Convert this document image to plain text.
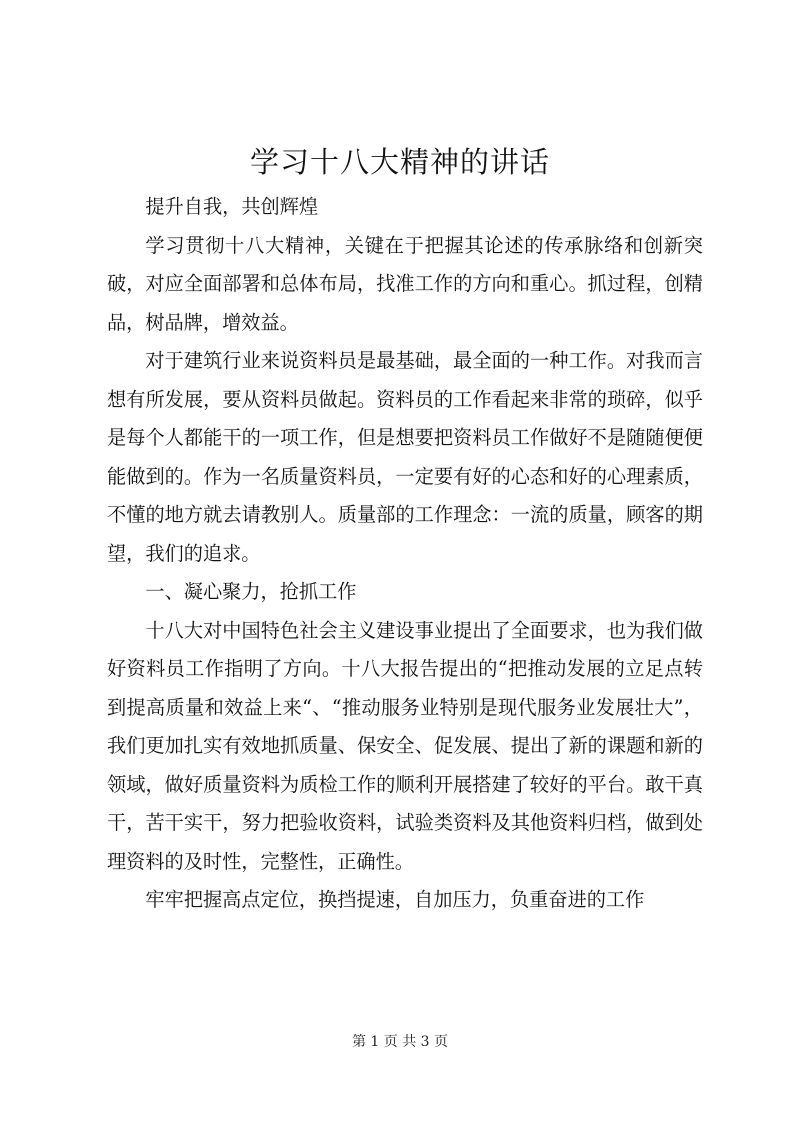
学习十八大精神的讲话

提升自我，共创辉煌

学习贯彻十八大精神，关键在于把握其论述的传承脉络和创新突破，对应全面部署和总体布局，找准工作的方向和重心。抓过程，创精品，树品牌，增效益。

对于建筑行业来说资料员是最基础，最全面的一种工作。对我而言想有所发展，要从资料员做起。资料员的工作看起来非常的琐碎，似乎是每个人都能干的一项工作，但是想要把资料员工作做好不是随随便便能做到的。作为一名质量资料员，一定要有好的心态和好的心理素质，不懂的地方就去请教别人。质量部的工作理念：一流的质量，顾客的期望，我们的追求。

一、凝心聚力，抢抓工作

十八大对中国特色社会主义建设事业提出了全面要求，也为我们做好资料员工作指明了方向。十八大报告提出的“把推动发展的立足点转到提高质量和效益上来“、“推动服务业特别是现代服务业发展壮大”，我们更加扎实有效地抓质量、保安全、促发展、提出了新的课题和新的领域，做好质量资料为质检工作的顺利开展搭建了较好的平台。敢干真干，苦干实干，努力把验收资料，试验类资料及其他资料归档，做到处理资料的及时性，完整性，正确性。

牢牢把握高点定位，换挡提速，自加压力，负重奋进的工作

第 1 页 共 3 页
